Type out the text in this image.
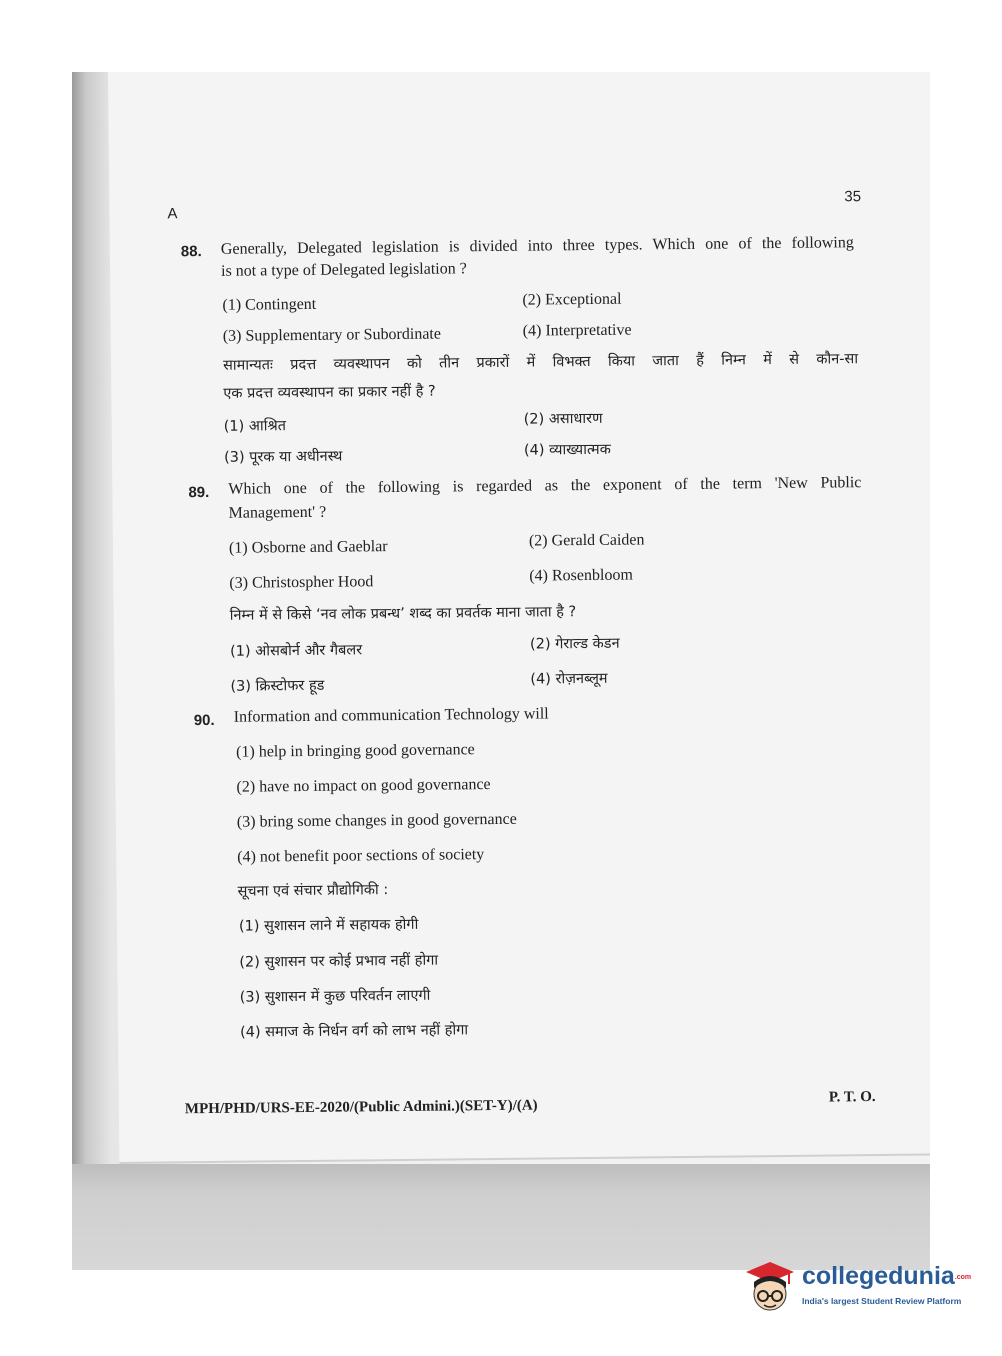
A
35
88. Generally, Delegated legislation is divided into three types. Which one of the following
is not a type of Delegated legislation ?
(1) Contingent	(2) Exceptional
(3) Supplementary or Subordinate	(4) Interpretative
सामान्यतः प्रदत्त व्यवस्थापन को तीन प्रकारों में विभक्त किया जाता हैं निम्न में से कौन-सा
एक प्रदत्त व्यवस्थापन का प्रकार नहीं है ?
(1) आश्रित	(2) असाधारण
(3) पूरक या अधीनस्थ	(4) व्याख्यात्मक
89. Which one of the following is regarded as the exponent of the term 'New Public
Management' ?
(1) Osborne and Gaeblar	(2) Gerald Caiden
(3) Christospher Hood	(4) Rosenbloom
निम्न में से किसे ‘नव लोक प्रबन्ध’ शब्द का प्रवर्तक माना जाता है ?
(1) ओसबोर्न और गैबलर	(2) गेराल्ड केडन
(3) क्रिस्टोफर हूड	(4) रोज़नब्लूम
90. Information and communication Technology will
(1) help in bringing good governance
(2) have no impact on good governance
(3) bring some changes in good governance
(4) not benefit poor sections of society
सूचना एवं संचार प्रौद्योगिकी :
(1) सुशासन लाने में सहायक होगी
(2) सुशासन पर कोई प्रभाव नहीं होगा
(3) सुशासन में कुछ परिवर्तन लाएगी
(4) समाज के निर्धन वर्ग को लाभ नहीं होगा
MPH/PHD/URS-EE-2020/(Public Admini.)(SET-Y)/(A)
P. T. O.
collegedunia.com
India's largest Student Review Platform
